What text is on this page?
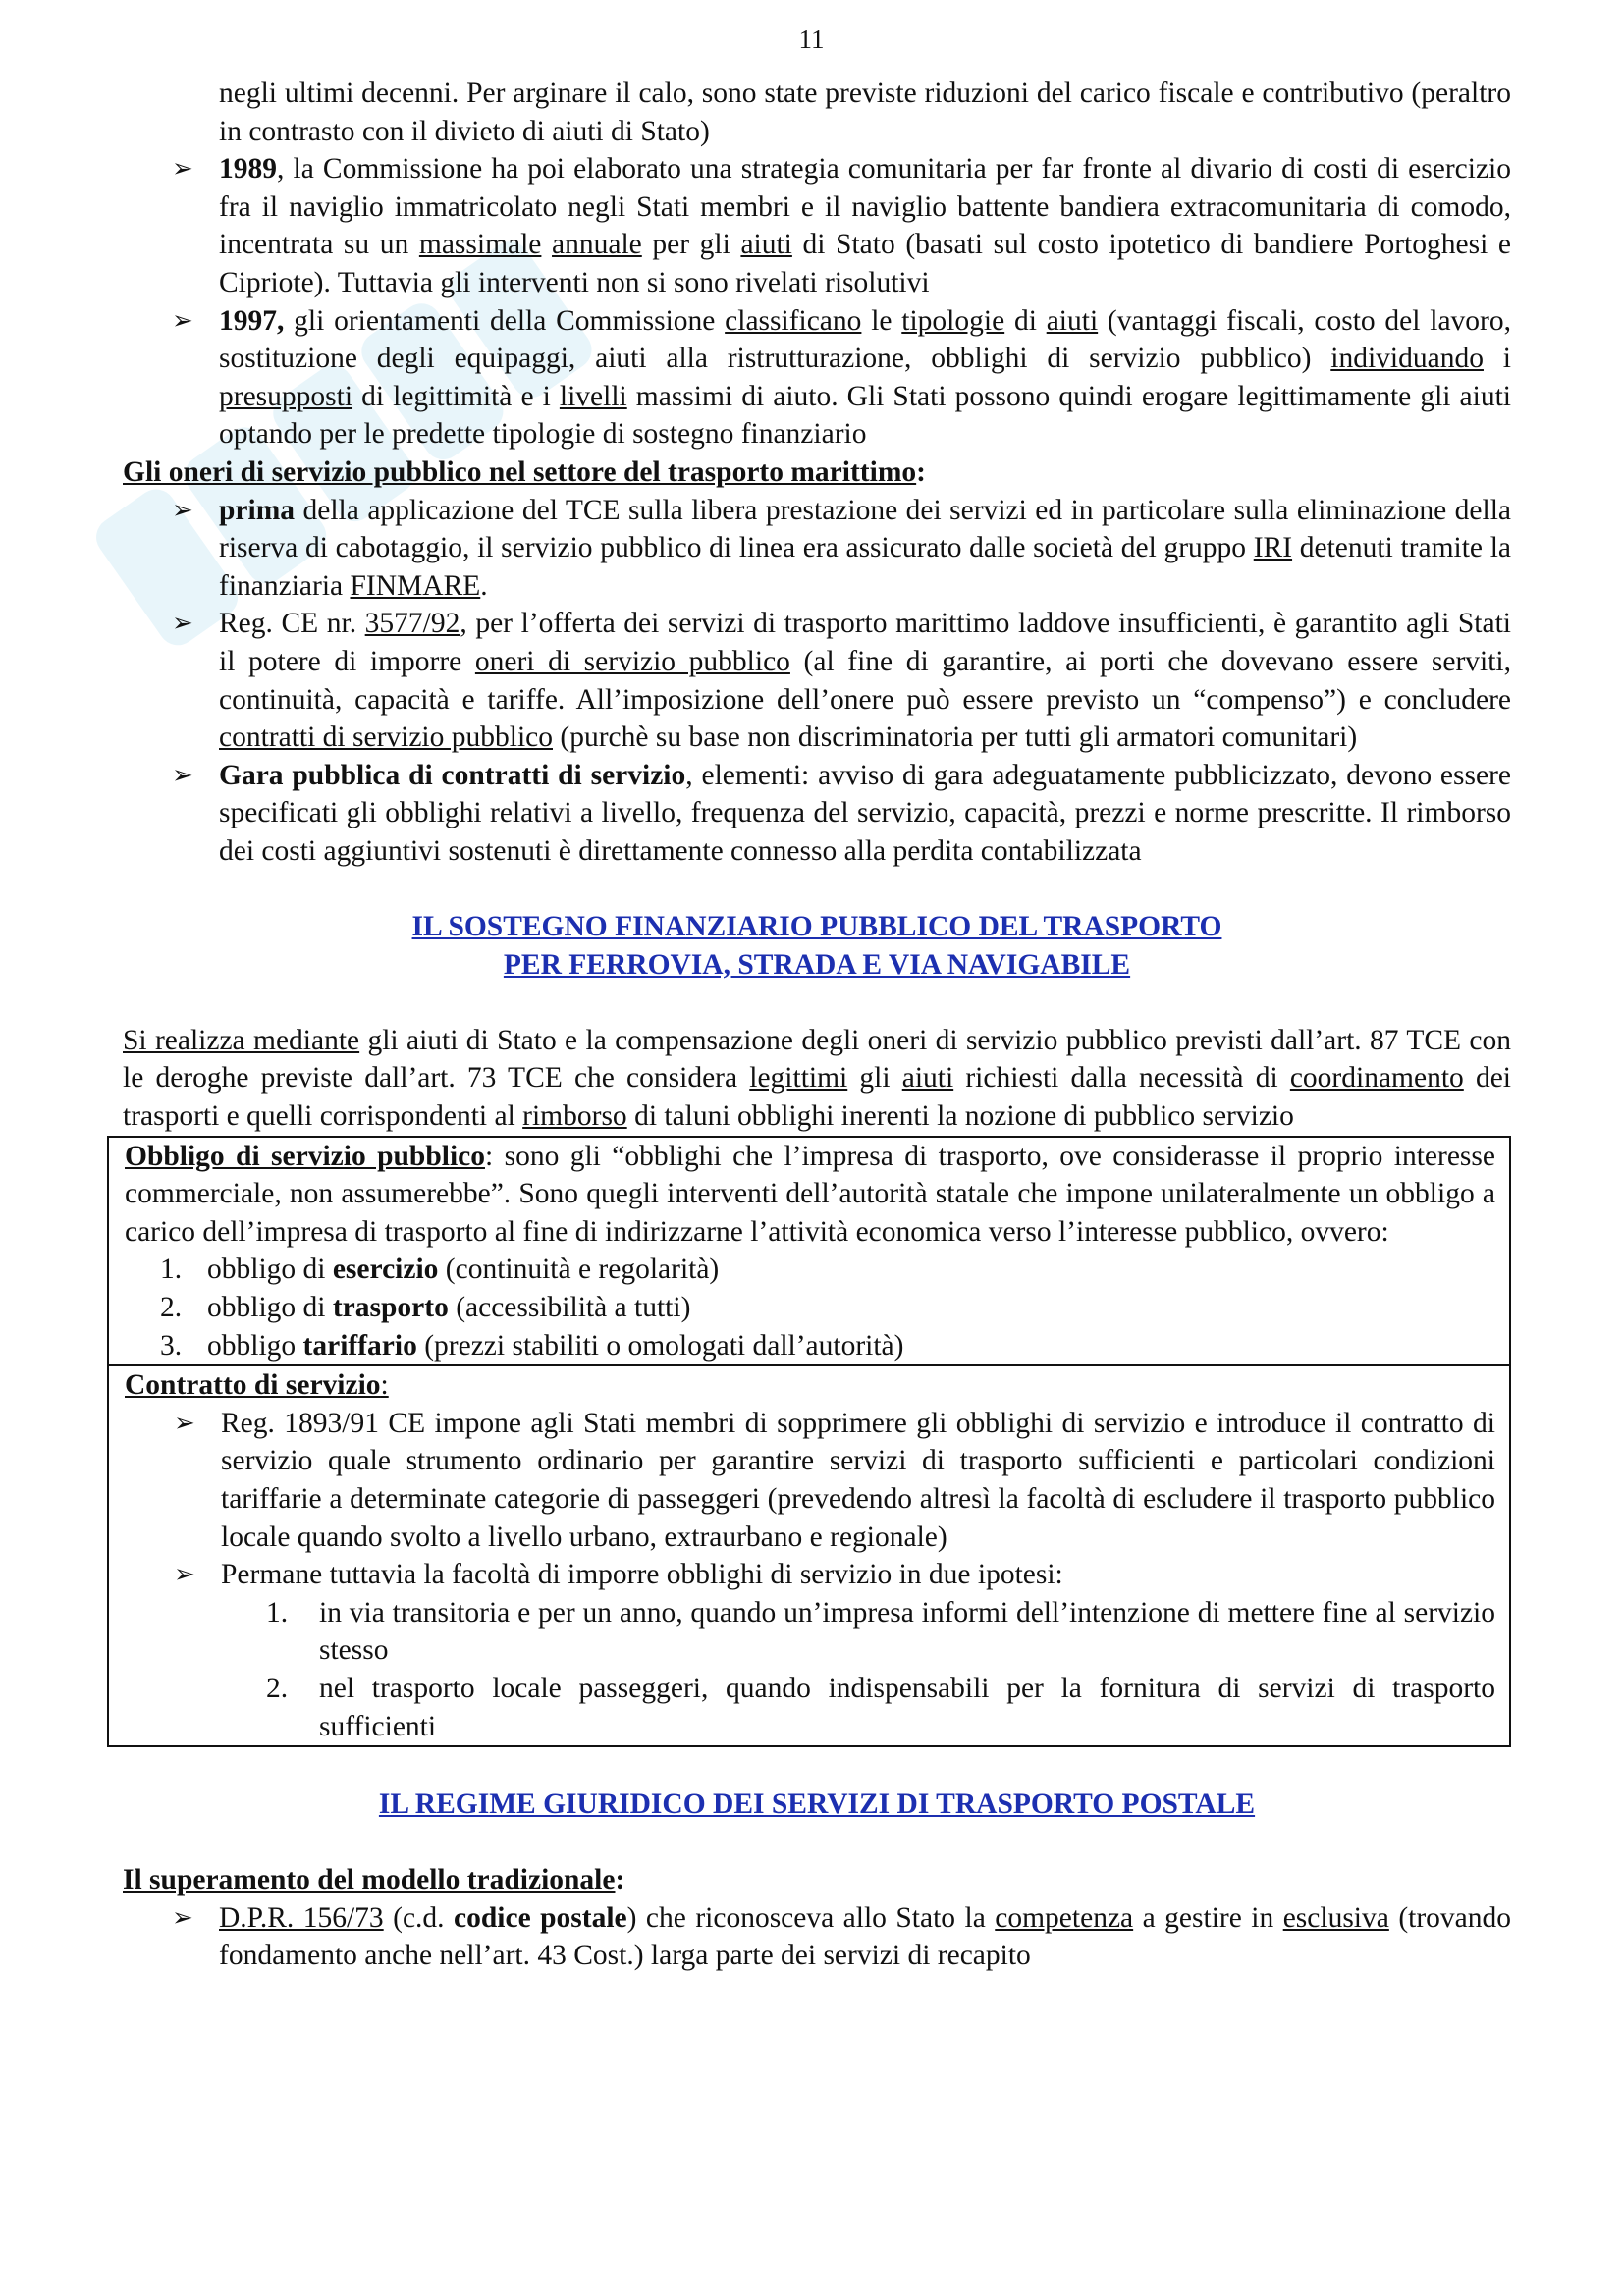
11

negli ultimi decenni. Per arginare il calo, sono state previste riduzioni del carico fiscale e contributivo (peraltro in contrasto con il divieto di aiuti di Stato)

➢ 1989, la Commissione ha poi elaborato una strategia comunitaria per far fronte al divario di costi di esercizio fra il naviglio immatricolato negli Stati membri e il naviglio battente bandiera extracomunitaria di comodo, incentrata su un massimale annuale per gli aiuti di Stato (basati sul costo ipotetico di bandiere Portoghesi e Cipriote). Tuttavia gli interventi non si sono rivelati risolutivi

➢ 1997, gli orientamenti della Commissione classificano le tipologie di aiuti (vantaggi fiscali, costo del lavoro, sostituzione degli equipaggi, aiuti alla ristrutturazione, obblighi di servizio pubblico) individuando i presupposti di legittimità e i livelli massimi di aiuto. Gli Stati possono quindi erogare legittimamente gli aiuti optando per le predette tipologie di sostegno finanziario

Gli oneri di servizio pubblico nel settore del trasporto marittimo:

➢ prima della applicazione del TCE sulla libera prestazione dei servizi ed in particolare sulla eliminazione della riserva di cabotaggio, il servizio pubblico di linea era assicurato dalle società del gruppo IRI detenuti tramite la finanziaria FINMARE.

➢ Reg. CE nr. 3577/92, per l’offerta dei servizi di trasporto marittimo laddove insufficienti, è garantito agli Stati il potere di imporre oneri di servizio pubblico (al fine di garantire, ai porti che dovevano essere serviti, continuità, capacità e tariffe. All’imposizione dell’onere può essere previsto un “compenso”) e concludere contratti di servizio pubblico (purchè su base non discriminatoria per tutti gli armatori comunitari)

➢ Gara pubblica di contratti di servizio, elementi: avviso di gara adeguatamente pubblicizzato, devono essere specificati gli obblighi relativi a livello, frequenza del servizio, capacità, prezzi e norme prescritte. Il rimborso dei costi aggiuntivi sostenuti è direttamente connesso alla perdita contabilizzata

IL SOSTEGNO FINANZIARIO PUBBLICO DEL TRASPORTO

PER FERROVIA, STRADA E VIA NAVIGABILE

Si realizza mediante gli aiuti di Stato e la compensazione degli oneri di servizio pubblico previsti dall’art. 87 TCE con le deroghe previste dall’art. 73 TCE che considera legittimi gli aiuti richiesti dalla necessità di coordinamento dei trasporti e quelli corrispondenti al rimborso di taluni obblighi inerenti la nozione di pubblico servizio

Obbligo di servizio pubblico: sono gli “obblighi che l’impresa di trasporto, ove considerasse il proprio interesse commerciale, non assumerebbe”. Sono quegli interventi dell’autorità statale che impone unilateralmente un obbligo a carico dell’impresa di trasporto al fine di indirizzarne l’attività economica verso l’interesse pubblico, ovvero:

1. obbligo di esercizio (continuità e regolarità)

2. obbligo di trasporto (accessibilità a tutti)

3. obbligo tariffario (prezzi stabiliti o omologati dall’autorità)

Contratto di servizio:

➢ Reg. 1893/91 CE impone agli Stati membri di sopprimere gli obblighi di servizio e introduce il contratto di servizio quale strumento ordinario per garantire servizi di trasporto sufficienti e particolari condizioni tariffarie a determinate categorie di passeggeri (prevedendo altresì la facoltà di escludere il trasporto pubblico locale quando svolto a livello urbano, extraurbano e regionale)

➢ Permane tuttavia la facoltà di imporre obblighi di servizio in due ipotesi:

1. in via transitoria e per un anno, quando un’impresa informi dell’intenzione di mettere fine al servizio stesso

2. nel trasporto locale passeggeri, quando indispensabili per la fornitura di servizi di trasporto sufficienti

IL REGIME GIURIDICO DEI SERVIZI DI TRASPORTO POSTALE

Il superamento del modello tradizionale:

➢ D.P.R. 156/73 (c.d. codice postale) che riconosceva allo Stato la competenza a gestire in esclusiva (trovando fondamento anche nell’art. 43 Cost.) larga parte dei servizi di recapito
